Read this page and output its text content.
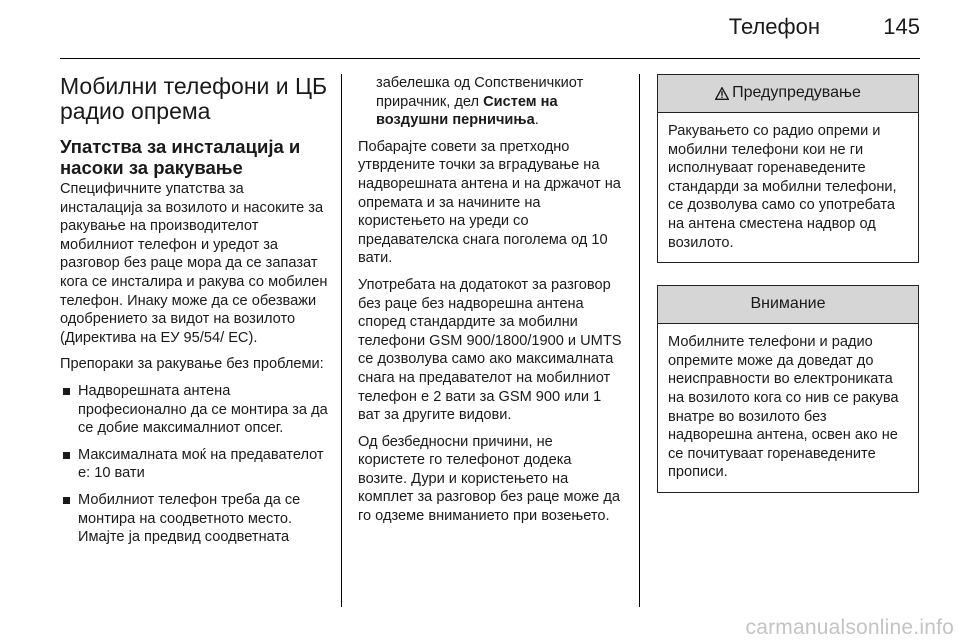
Телефон	145
Мобилни телефони и ЦБ радио опрема
Упатства за инсталација и насоки за ракување

Специфичните упатства за инсталација за возилото и насоките за ракување на производителот мобилниот телефон и уредот за разговор без раце мора да се запазат кога се инсталира и ракува со мобилен телефон. Инаку може да се обезважи одобрението за видот на возилото (Директива на ЕУ 95/54/ ЕС).

Препораки за ракување без проблеми:

Надворешната антена професионално да се монтира за да се добие максималниот опсег.
Максималната моќ на предавателот е: 10 вати
Мобилниот телефон треба да се монтира на соодветното место. Имајте ја предвид соодветната

забелешка од Сопственичкиот прирачник, дел Систем на воздушни перничиња.

Побарајте совети за претходно утврдените точки за вградување на надворешната антена и на држачот на опремата и за начините на користењето на уреди со предавателска снага поголема од 10 вати.

Употребата на додатокот за разговор без раце без надворешна антена според стандардите за мобилни телефони GSM 900/1800/1900 и UMTS се дозволува само ако максималната снага на предавателот на мобилниот телефон е 2 вати за GSM 900 или 1 ват за другите видови.

Од безбедносни причини, не користете го телефонот додека возите. Дури и користењето на комплет за разговор без раце може да го одземе вниманието при возењето.

Предупредување
Ракувањето со радио опреми и мобилни телефони кои не ги исполнуваат горенаведените стандарди за мобилни телефони, се дозволува само со употребата на антена сместена надвор од возилото.
Внимание
Мобилните телефони и радио опремите може да доведат до неисправности во електрониката на возилото кога со нив се ракува внатре во возилото без надворешна антена, освен ако не се почитуваат горенаведените прописи.
carmanualsonline.info
